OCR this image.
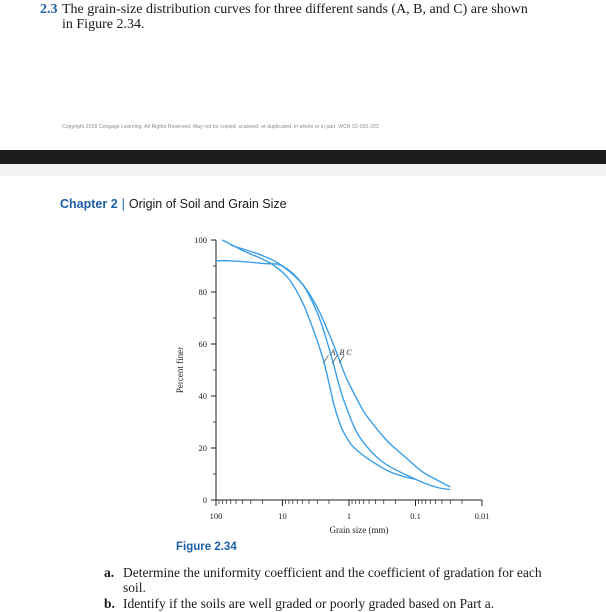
2.3 The grain-size distribution curves for three different sands (A, B, and C) are shown in Figure 2.34.
Copyright 2018 Cengage Learning. All Rights Reserved. May not be copied, scanned, or duplicated, in whole or in part. WCN 02-200-203
Chapter 2 | Origin of Soil and Grain Size
0
20
40
60
80
100
100	10	1	0.1	0.01
Percent finer
Grain size (mm)
A B C
Figure 2.34
a. Determine the uniformity coefficient and the coefficient of gradation for each soil.
b. Identify if the soils are well graded or poorly graded based on Part a.
